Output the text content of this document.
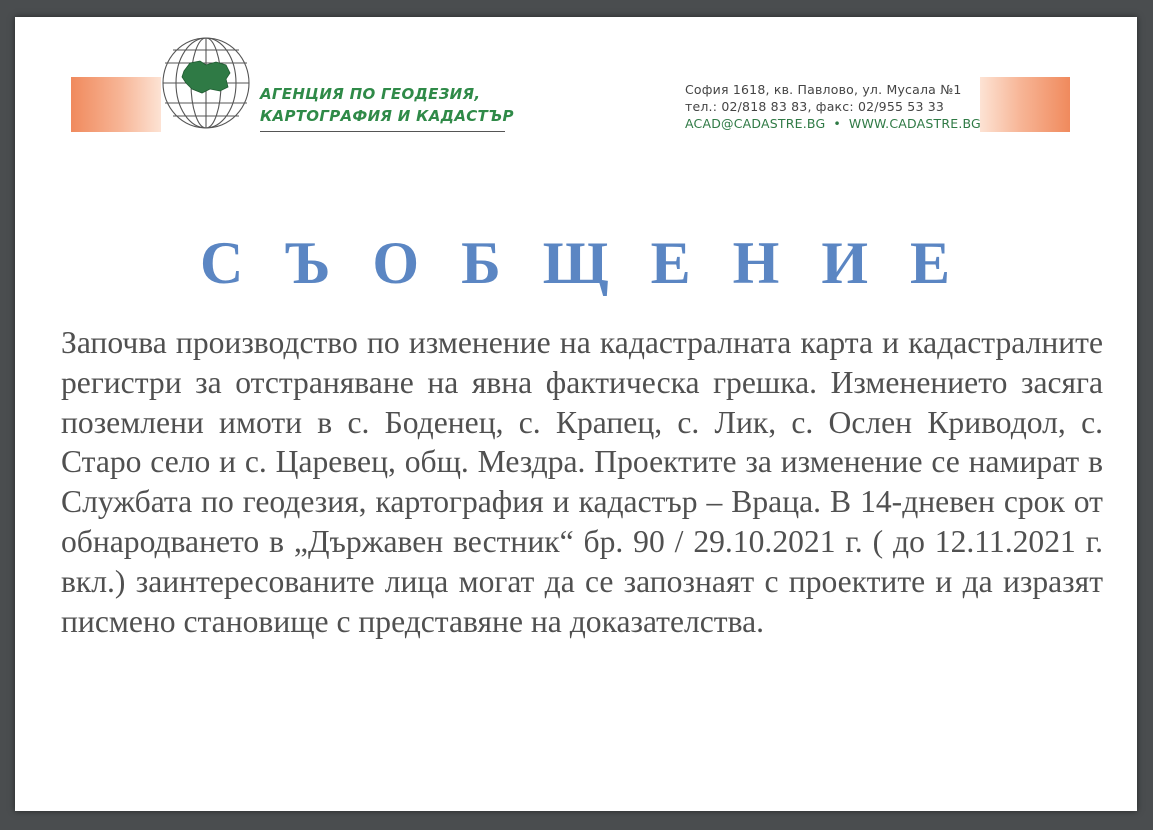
АГЕНЦИЯ ПО ГЕОДЕЗИЯ,
КАРТОГРАФИЯ И КАДАСТЪР
София 1618, кв. Павлово, ул. Мусала №1
тел.: 02/818 83 83, факс: 02/955 53 33
ACAD@CADASTRE.BG • WWW.CADASTRE.BG
СЪОБЩЕНИЕ
Започва производство по изменение на кадастралната карта и кадастралните регистри за отстраняване на явна фактическа грешка. Изменението засяга поземлени имоти в с. Боденец, с. Крапец, с. Лик, с. Ослен Криводол, с. Старо село и с. Царевец, общ. Мездра. Проектите за изменение се намират в Службата по геодезия, картография и кадастър – Враца. В 14-дневен срок от обнародването в „Държавен вестник“ бр. 90 / 29.10.2021 г. ( до 12.11.2021 г. вкл.) заинтересованите лица могат да се запознаят с проектите и да изразят писмено становище с представяне на доказателства.
